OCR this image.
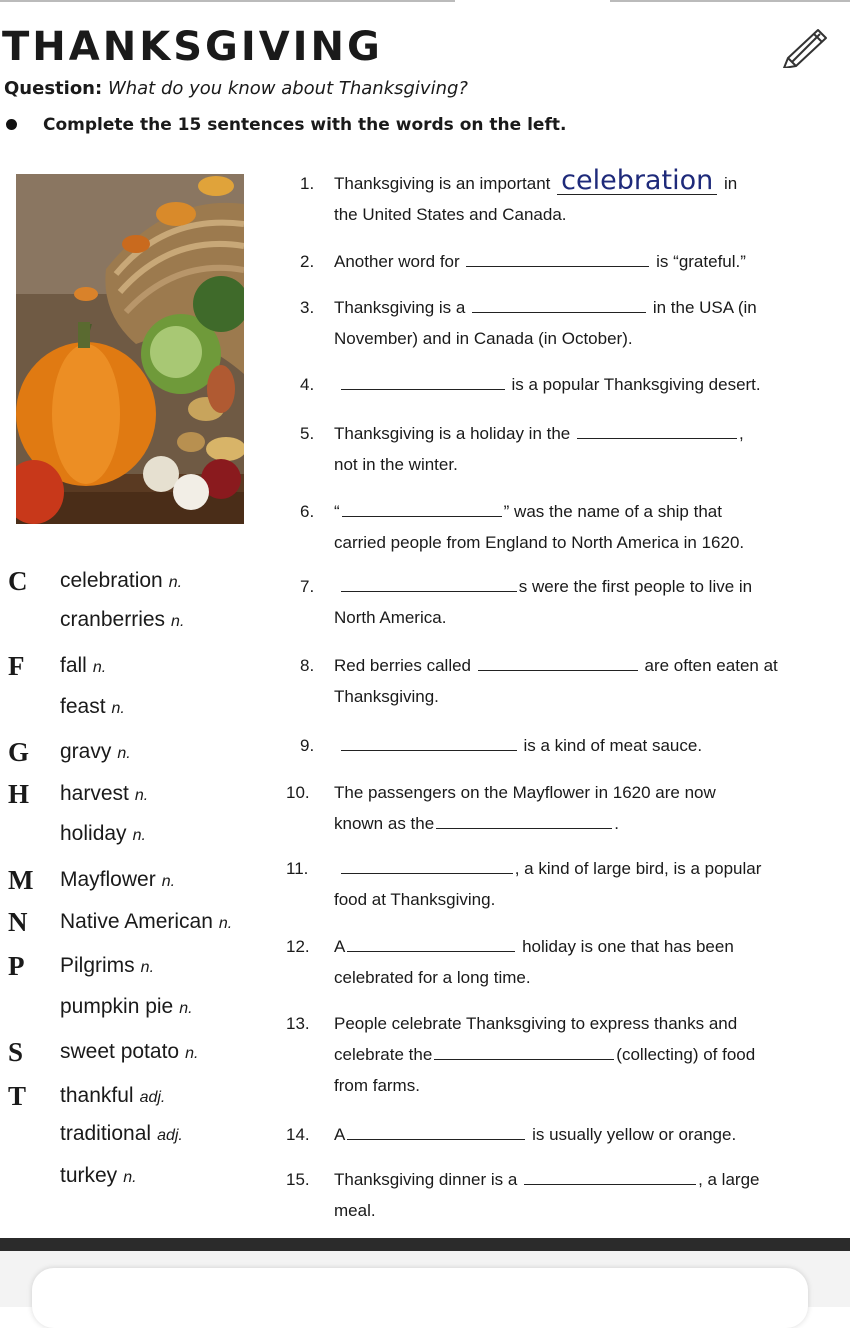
THANKSGIVING
Question: What do you know about Thanksgiving?
Complete the 15 sentences with the words on the left.
1. Thanksgiving is an important celebration in
the United States and Canada.
2. Another word for	is “grateful.”
3. Thanksgiving is a	in the USA (in
November) and in Canada (in October).
4.	is a popular Thanksgiving desert.
5. Thanksgiving is a holiday in the	,
not in the winter.
6. “	” was the name of a ship that
carried people from England to North America in 1620.
7.	s were the first people to live in
North America.
8. Red berries called	are often eaten at
Thanksgiving.
9.	is a kind of meat sauce.
10. The passengers on the Mayflower in 1620 are now
known as the	.
11.	, a kind of large bird, is a popular
food at Thanksgiving.
12. A	holiday is one that has been
celebrated for a long time.
13. People celebrate Thanksgiving to express thanks and
celebrate the	(collecting) of food
from farms.
14. A	is usually yellow or orange.
15. Thanksgiving dinner is a	, a large
meal.
C celebration n.
cranberries n.
F fall n.
feast n.
G gravy n.
H harvest n.
holiday n.
M Mayflower n.
N Native American n.
P Pilgrims n.
pumpkin pie n.
S sweet potato n.
T thankful adj.
traditional adj.
turkey n.
